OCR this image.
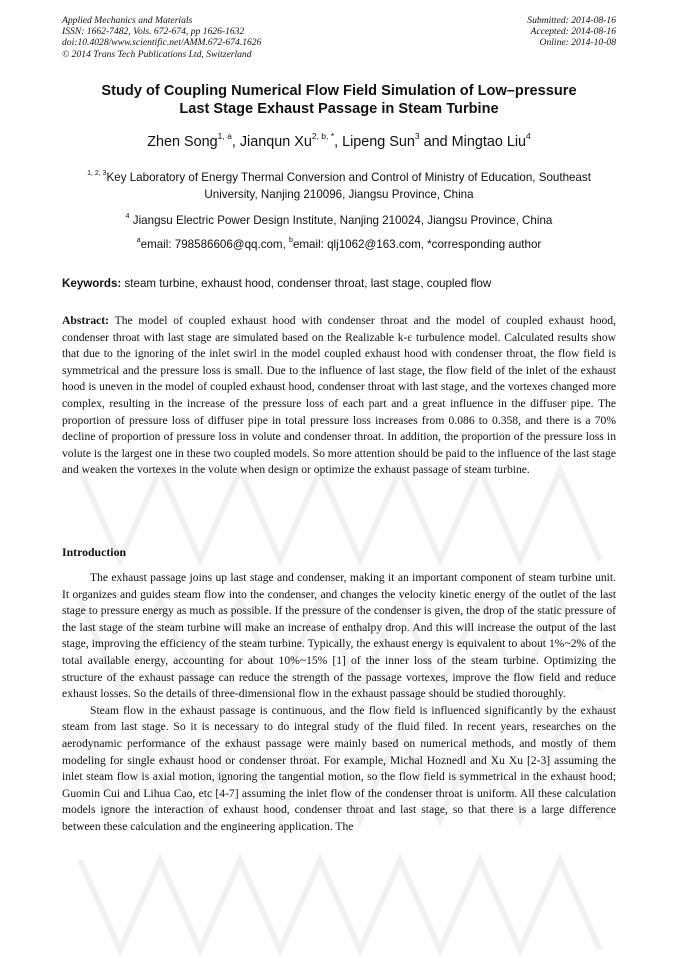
Applied Mechanics and Materials
ISSN: 1662-7482, Vols. 672-674, pp 1626-1632
doi:10.4028/www.scientific.net/AMM.672-674.1626
© 2014 Trans Tech Publications Ltd, Switzerland
Submitted: 2014-08-16
Accepted: 2014-08-16
Online: 2014-10-08
Study of Coupling Numerical Flow Field Simulation of Low–pressure
Last Stage Exhaust Passage in Steam Turbine
Zhen Song$^{1, a}$, Jianqun $Xu^{2, b, *}$, Lipeng Sun$^3$ and Mingtao Liu$^4$
$^{1, 2, 3}$Key Laboratory of Energy Thermal Conversion and Control of Ministry of Education, Southeast
University, Nanjing 210096, Jiangsu Province, China
$^4$ Jiangsu Electric Power Design Institute, Nanjing 210024, Jiangsu Province, China
$^a$email: 798586606@qq.com, $^b$email: qlj1062@163.com, *corresponding author
Keywords: steam turbine, exhaust hood, condenser throat, last stage, coupled flow
Abstract: The model of coupled exhaust hood with condenser throat and the model of coupled exhaust hood, condenser throat with last stage are simulated based on the Realizable k-ε turbulence model. Calculated results show that due to the ignoring of the inlet swirl in the model coupled exhaust hood with condenser throat, the flow field is symmetrical and the pressure loss is small. Due to the influence of last stage, the flow field of the inlet of the exhaust hood is uneven in the model of coupled exhaust hood, condenser throat with last stage, and the vortexes changed more complex, resulting in the increase of the pressure loss of each part and a great influence in the diffuser pipe. The proportion of pressure loss of diffuser pipe in total pressure loss increases from 0.086 to 0.358, and there is a 70% decline of proportion of pressure loss in volute and condenser throat. In addition, the proportion of the pressure loss in volute is the largest one in these two coupled models. So more attention should be paid to the influence of the last stage and weaken the vortexes in the volute when design or optimize the exhaust passage of steam turbine.
Introduction

The exhaust passage joins up last stage and condenser, making it an important component of steam turbine unit. It organizes and guides steam flow into the condenser, and changes the velocity kinetic energy of the outlet of the last stage to pressure energy as much as possible. If the pressure of the condenser is given, the drop of the static pressure of the last stage of the steam turbine will make an increase of enthalpy drop. And this will increase the output of the last stage, improving the efficiency of the steam turbine. Typically, the exhaust energy is equivalent to about 1%~2% of the total available energy, accounting for about 10%~15% [1] of the inner loss of the steam turbine. Optimizing the structure of the exhaust passage can reduce the strength of the passage vortexes, improve the flow field and reduce exhaust losses. So the details of three-dimensional flow in the exhaust passage should be studied thoroughly.

Steam flow in the exhaust passage is continuous, and the flow field is influenced significantly by the exhaust steam from last stage. So it is necessary to do integral study of the fluid filed. In recent years, researches on the aerodynamic performance of the exhaust passage were mainly based on numerical methods, and mostly of them modeling for single exhaust hood or condenser throat. For example, Michal Hoznedl and Xu Xu [2-3] assuming the inlet steam flow is axial motion, ignoring the tangential motion, so the flow field is symmetrical in the exhaust hood; Guomin Cui and Lihua Cao, etc [4-7] assuming the inlet flow of the condenser throat is uniform. All these calculation models ignore the interaction of exhaust hood, condenser throat and last stage, so that there is a large difference between these calculation and the engineering application. The
